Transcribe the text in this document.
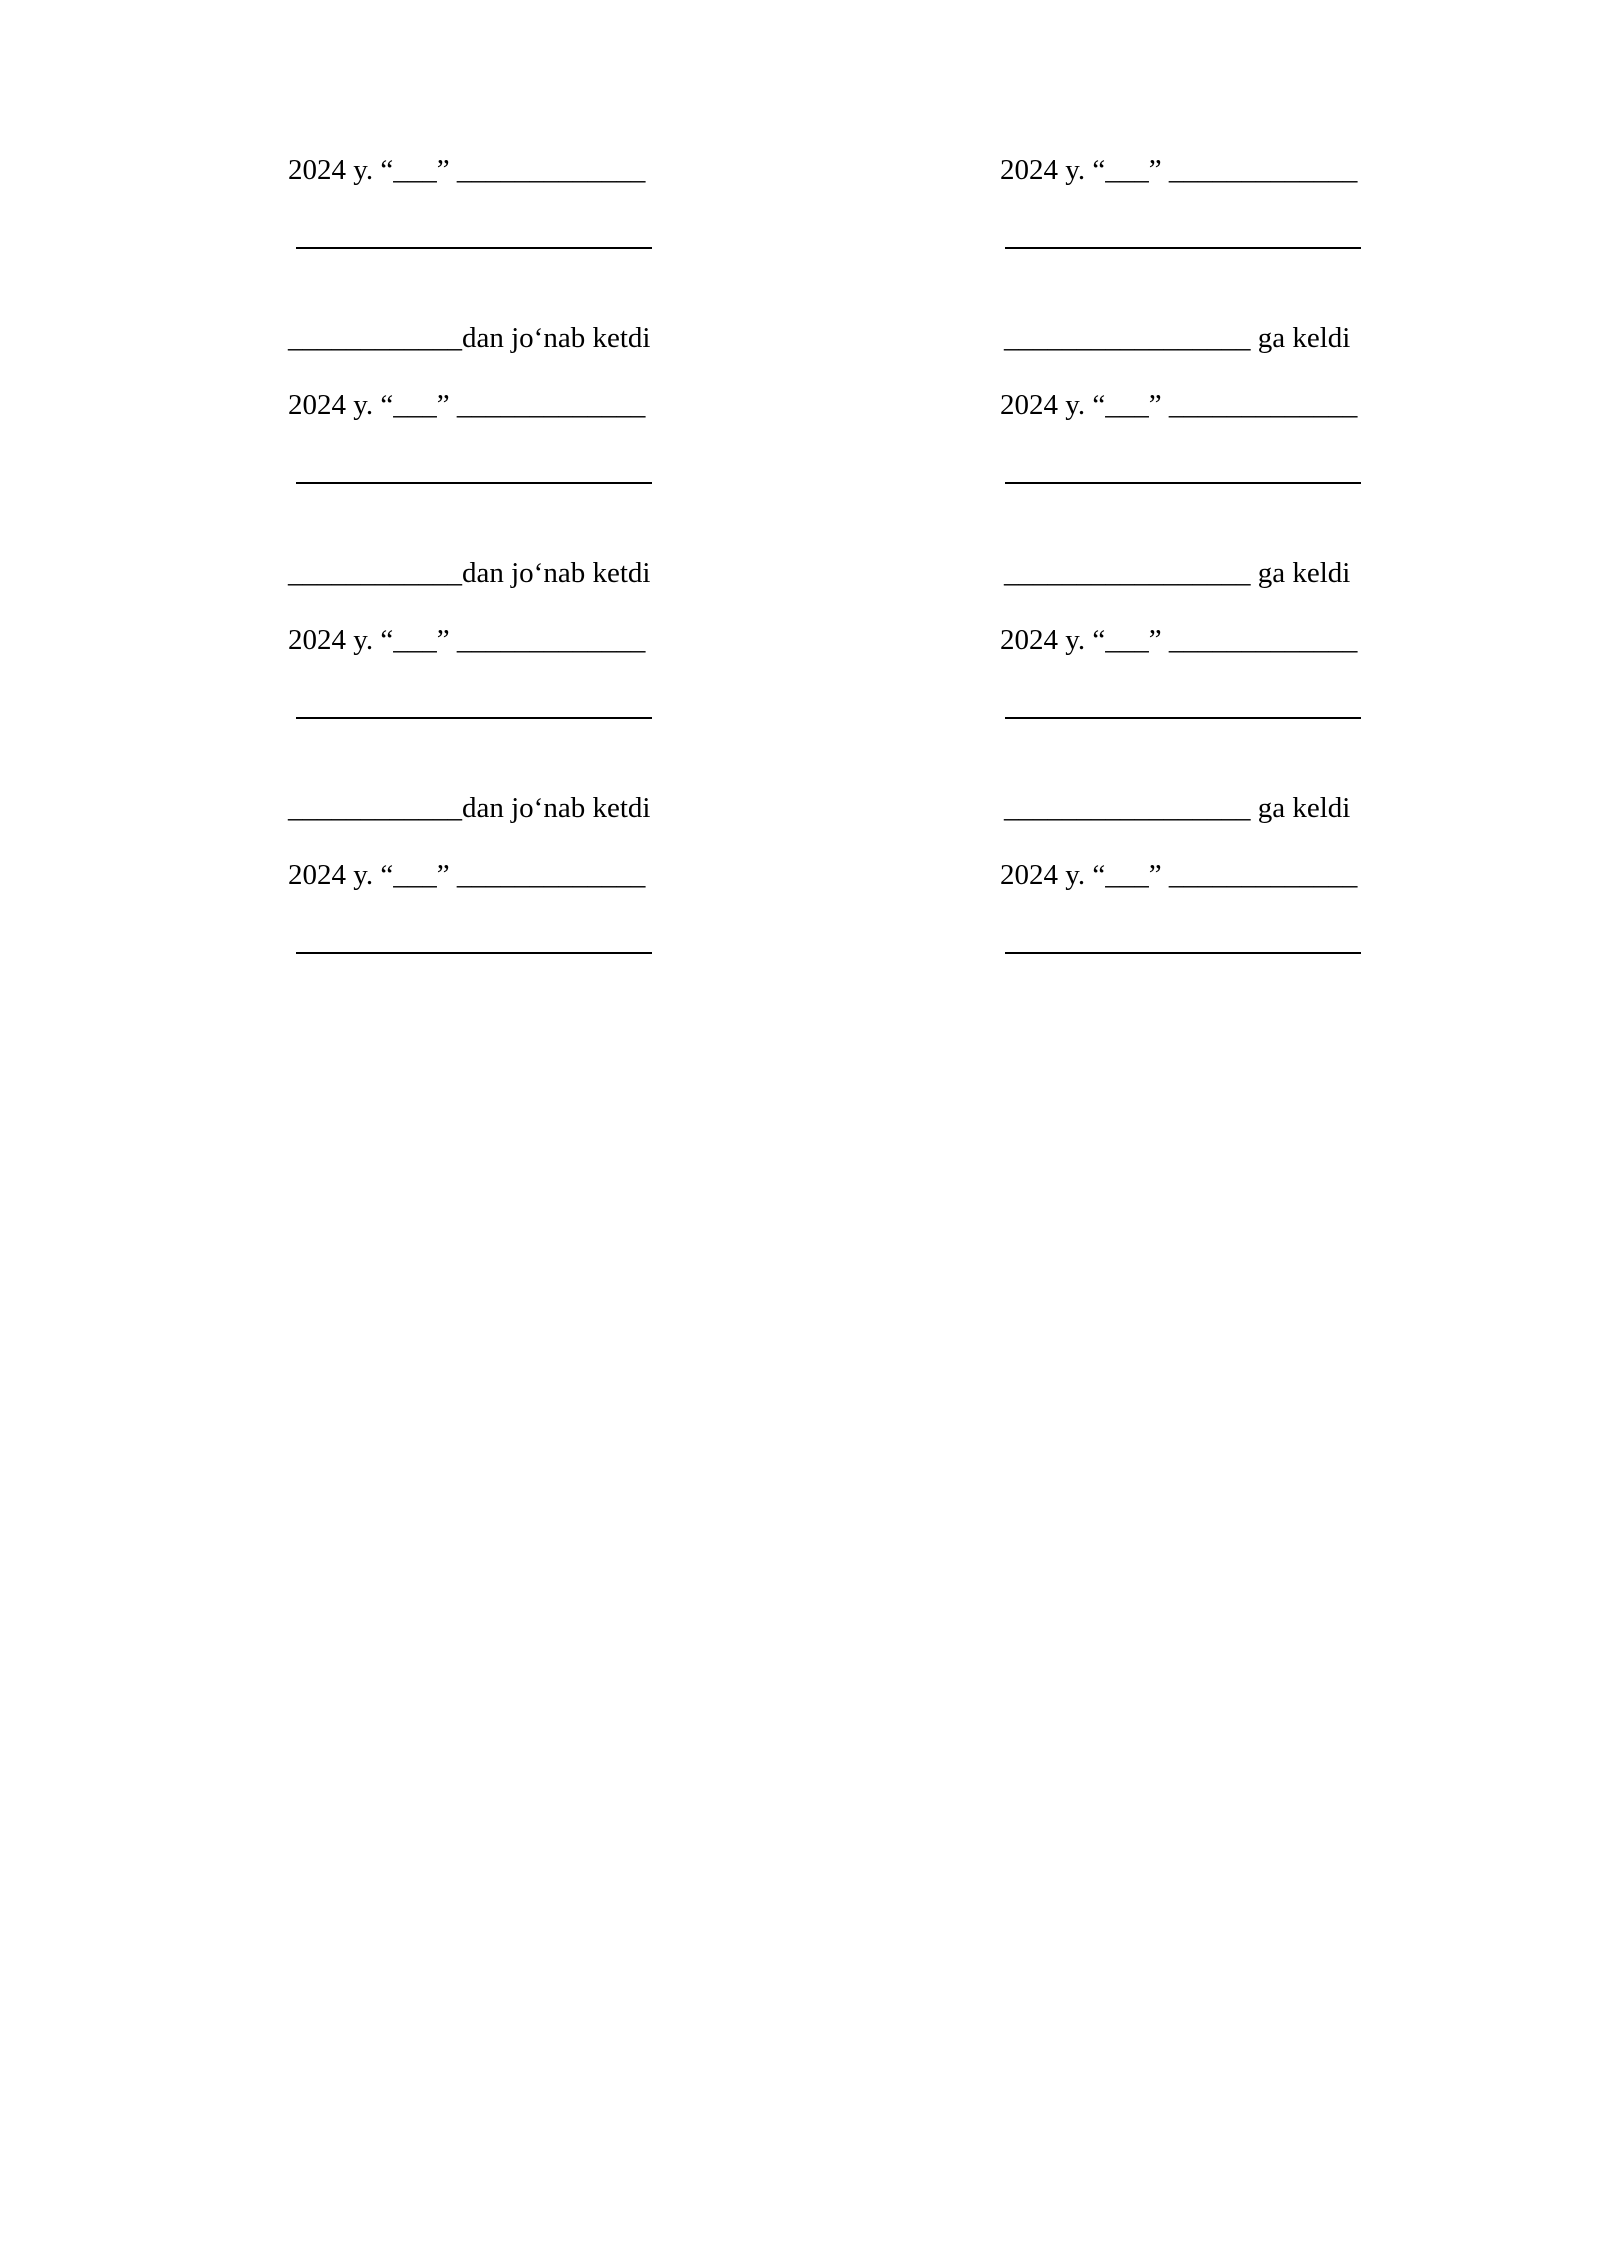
2024 y. “___” _____________	2024 y. “___” _____________
____________dan jo‘nab ketdi	_________________ ga keldi
2024 y. “___” _____________	2024 y. “___” _____________
____________dan jo‘nab ketdi	_________________ ga keldi
2024 y. “___” _____________	2024 y. “___” _____________
____________dan jo‘nab ketdi	_________________ ga keldi
2024 y. “___” _____________	2024 y. “___” _____________
